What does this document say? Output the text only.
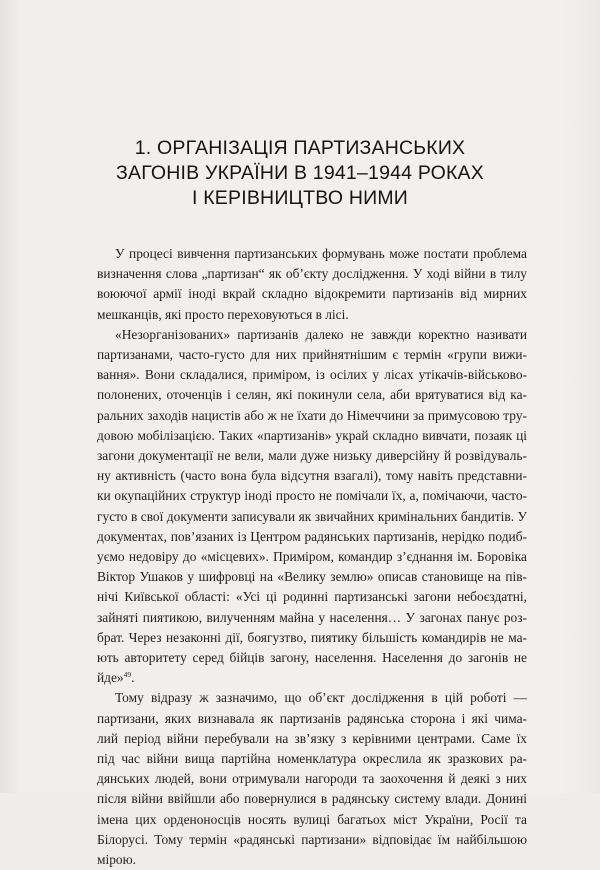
1. ОРГАНІЗАЦІЯ ПАРТИЗАНСЬКИХ
ЗАГОНІВ УКРАЇНИ В 1941–1944 РОКАХ
І КЕРІВНИЦТВО НИМИ
У процесі вивчення партизанських формувань може постати проблема
визначення слова „партизан“ як об’єкту дослідження. У ході війни в тилу
воюючої армії іноді вкрай складно відокремити партизанів від мирних
мешканців, які просто переховуються в лісі.
«Незорганізованих» партизанів далеко не завжди коректно називати
партизанами, часто-густо для них прийнятнішим є термін «групи вижи-
вання». Вони складалися, приміром, із осілих у лісах утікачів-військово-
полонених, оточенців і селян, які покинули села, аби врятуватися від ка-
ральних заходів нацистів або ж не їхати до Німеччини за примусовою тру-
довою мобілізацією. Таких «партизанів» украй складно вивчати, позаяк ці
загони документації не вели, мали дуже низьку диверсійну й розвідуваль-
ну активність (часто вона була відсутня взагалі), тому навіть представни-
ки окупаційних структур іноді просто не помічали їх, а, помічаючи, часто-
густо в свої документи записували як звичайних кримінальних бандитів. У
документах, пов’язаних із Центром радянських партизанів, нерідко подиб-
уємо недовіру до «місцевих». Приміром, командир з’єднання ім. Боровіка
Віктор Ушаков у шифровці на «Велику землю» описав становище на пів-
нічі Київської області: «Усі ці родинні партизанські загони небоєздатні,
зайняті пиятикою, вилученням майна у населення… У загонах панує роз-
брат. Через незаконні дії, боягузтво, пиятику більшість командирів не ма-
ють авторитету серед бійців загону, населення. Населення до загонів не
йде»$^{49}$.
Тому відразу ж зазначимо, що об’єкт дослідження в цій роботі —
партизани, яких визнавала як партизанів радянська сторона і які чима-
лий період війни перебували на зв’язку з керівними центрами. Саме їх
під час війни вища партійна номенклатура окреслила як зразкових ра-
дянських людей, вони отримували нагороди та заохочення й деякі з них
після війни ввійшли або повернулися в радянську систему влади. Донині
імена цих орденоносців носять вулиці багатьох міст України, Росії та
Білорусі. Тому термін «радянські партизани» відповідає їм найбільшою
мірою.
